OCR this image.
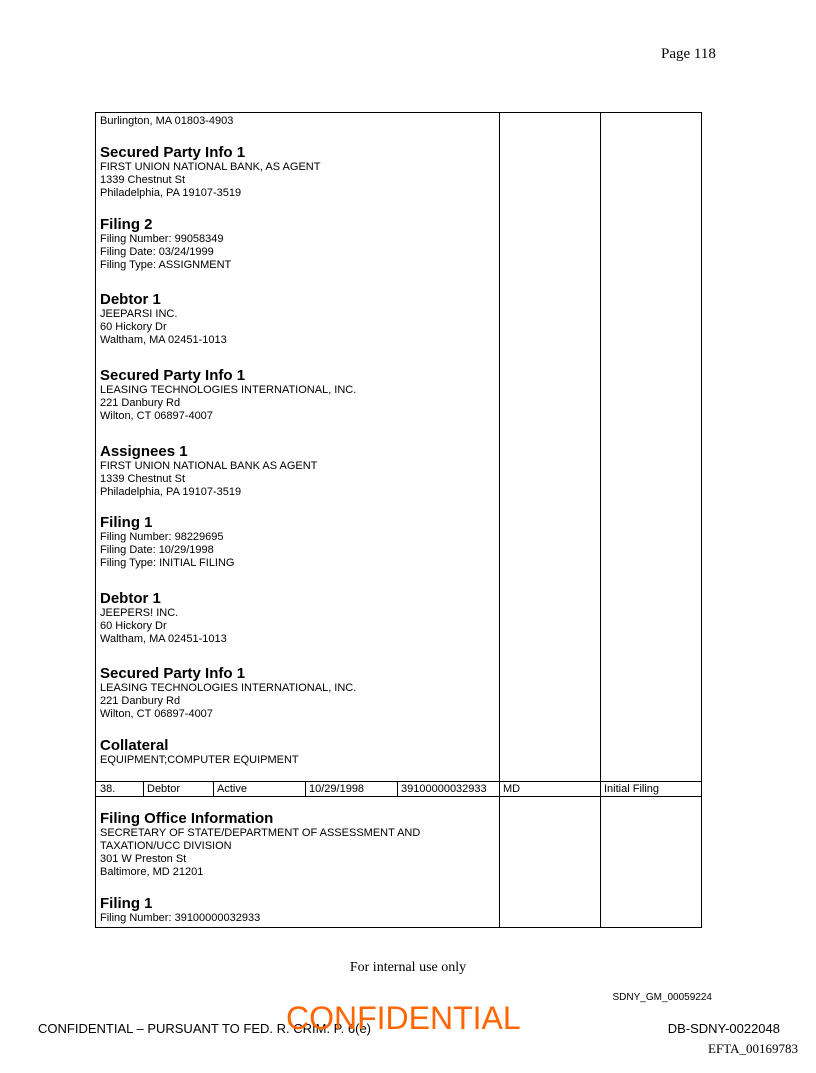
Page 118
Burlington, MA 01803-4903
Secured Party Info 1
FIRST UNION NATIONAL BANK, AS AGENT
1339 Chestnut St
Philadelphia, PA 19107-3519
Filing 2
Filing Number: 99058349
Filing Date: 03/24/1999
Filing Type: ASSIGNMENT
Debtor 1
JEEPARSI INC.
60 Hickory Dr
Waltham, MA 02451-1013
Secured Party Info 1
LEASING TECHNOLOGIES INTERNATIONAL, INC.
221 Danbury Rd
Wilton, CT 06897-4007
Assignees 1
FIRST UNION NATIONAL BANK AS AGENT
1339 Chestnut St
Philadelphia, PA 19107-3519
Filing 1
Filing Number: 98229695
Filing Date: 10/29/1998
Filing Type: INITIAL FILING
Debtor 1
JEEPERS! INC.
60 Hickory Dr
Waltham, MA 02451-1013
Secured Party Info 1
LEASING TECHNOLOGIES INTERNATIONAL, INC.
221 Danbury Rd
Wilton, CT 06897-4007
Collateral
EQUIPMENT;COMPUTER EQUIPMENT
38.	Debtor	Active	10/29/1998	39100000032933 MD	Initial Filing
Filing Office Information
SECRETARY OF STATE/DEPARTMENT OF ASSESSMENT AND
TAXATION/UCC DIVISION
301 W Preston St
Baltimore, MD 21201
Filing 1
Filing Number: 39100000032933
For internal use only
SDNY_GM_00059224
CONFIDENTIAL – PURSUANT TO FED. R. CRIM. P. 6(e)
CONFIDENTIAL	DB-SDNY-0022048
EFTA_00169783
